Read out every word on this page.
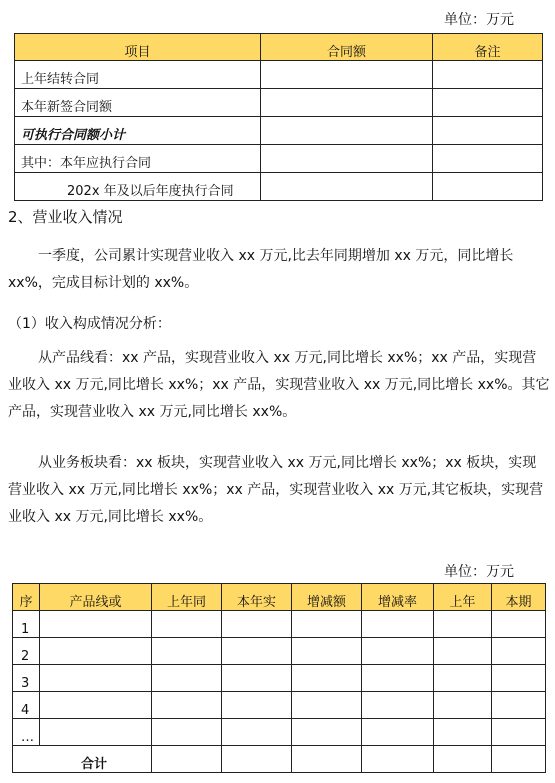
单位：万元
项目	合同额	备注
上年结转合同		
本年新签合同额		
可执行合同额小计		
其中：本年应执行合同		
202x 年及以后年度执行合同		

2、营业收入情况

一季度，公司累计实现营业收入 xx 万元,比去年同期增加 xx 万元，同比增长 xx%，完成目标计划的 xx%。

（1）收入构成情况分析：

从产品线看：xx 产品，实现营业收入 xx 万元,同比增长 xx%；xx 产品，实现营业收入 xx 万元,同比增长 xx%；xx 产品，实现营业收入 xx 万元,同比增长 xx%。其它产品，实现营业收入 xx 万元,同比增长 xx%。

从业务板块看：xx 板块，实现营业收入 xx 万元,同比增长 xx%；xx 板块，实现营业收入 xx 万元,同比增长 xx%；xx 产品，实现营业收入 xx 万元,其它板块，实现营业收入 xx 万元,同比增长 xx%。

单位：万元
序	产品线或	上年同	本年实	增减额	增减率	上年	本期
1							
2							
3							
4							
…							
合计							
